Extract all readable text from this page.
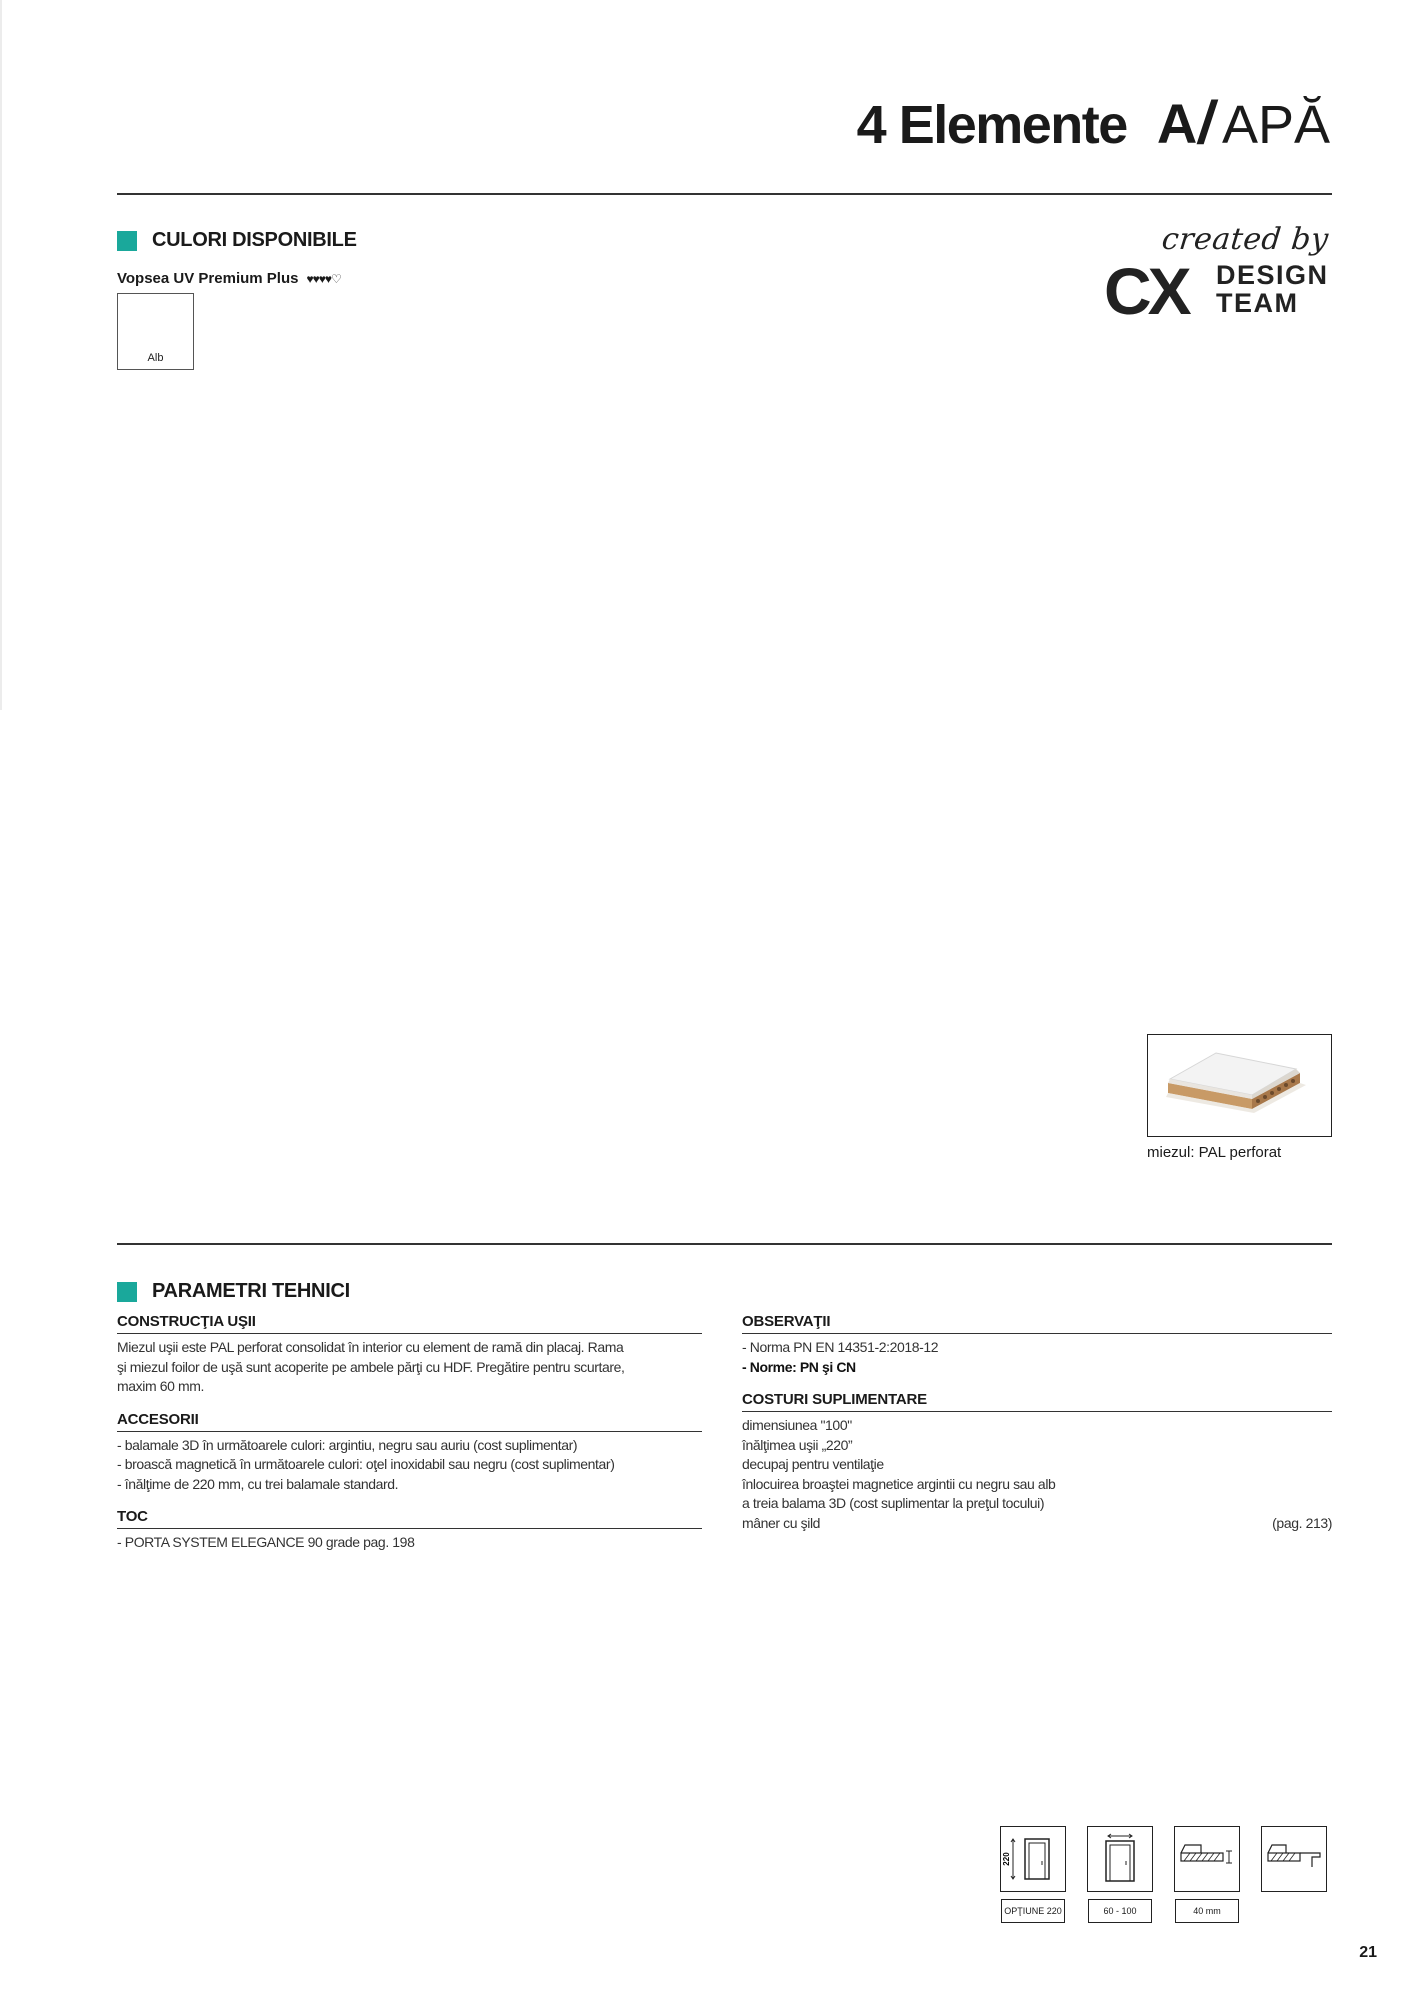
4 Elemente A
/ APĂ
CULORI DISPONIBILE
Vopsea UV Premium Plus ♥♥♥♥♡
Alb
created by
CX DESIGN
TEAM
miezul: PAL perforat
PARAMETRI TEHNICI
CONSTRUCŢIA UŞII
Miezul uşii este PAL perforat consolidat în interior cu element de ramă din placaj. Rama
şi miezul foilor de uşă sunt acoperite pe ambele părţi cu HDF. Pregătire pentru scurtare,
maxim 60 mm.
ACCESORII
- balamale 3D în următoarele culori: argintiu, negru sau auriu (cost suplimentar)
- broască magnetică în următoarele culori: oţel inoxidabil sau negru (cost suplimentar)
- înălţime de 220 mm, cu trei balamale standard.
TOC
- PORTA SYSTEM ELEGANCE 90 grade pag. 198
OBSERVAŢII
- Norma PN EN 14351-2:2018-12
- Norme: PN şi CN
COSTURI SUPLIMENTARE
dimensiunea "100"
înălţimea uşii „220”
decupaj pentru ventilaţie
înlocuirea broaştei magnetice argintii cu negru sau alb
a treia balama 3D (cost suplimentar la preţul tocului)
mâner cu şild	(pag. 213)
220
OPŢIUNE 220	60 - 100	40 mm
21
